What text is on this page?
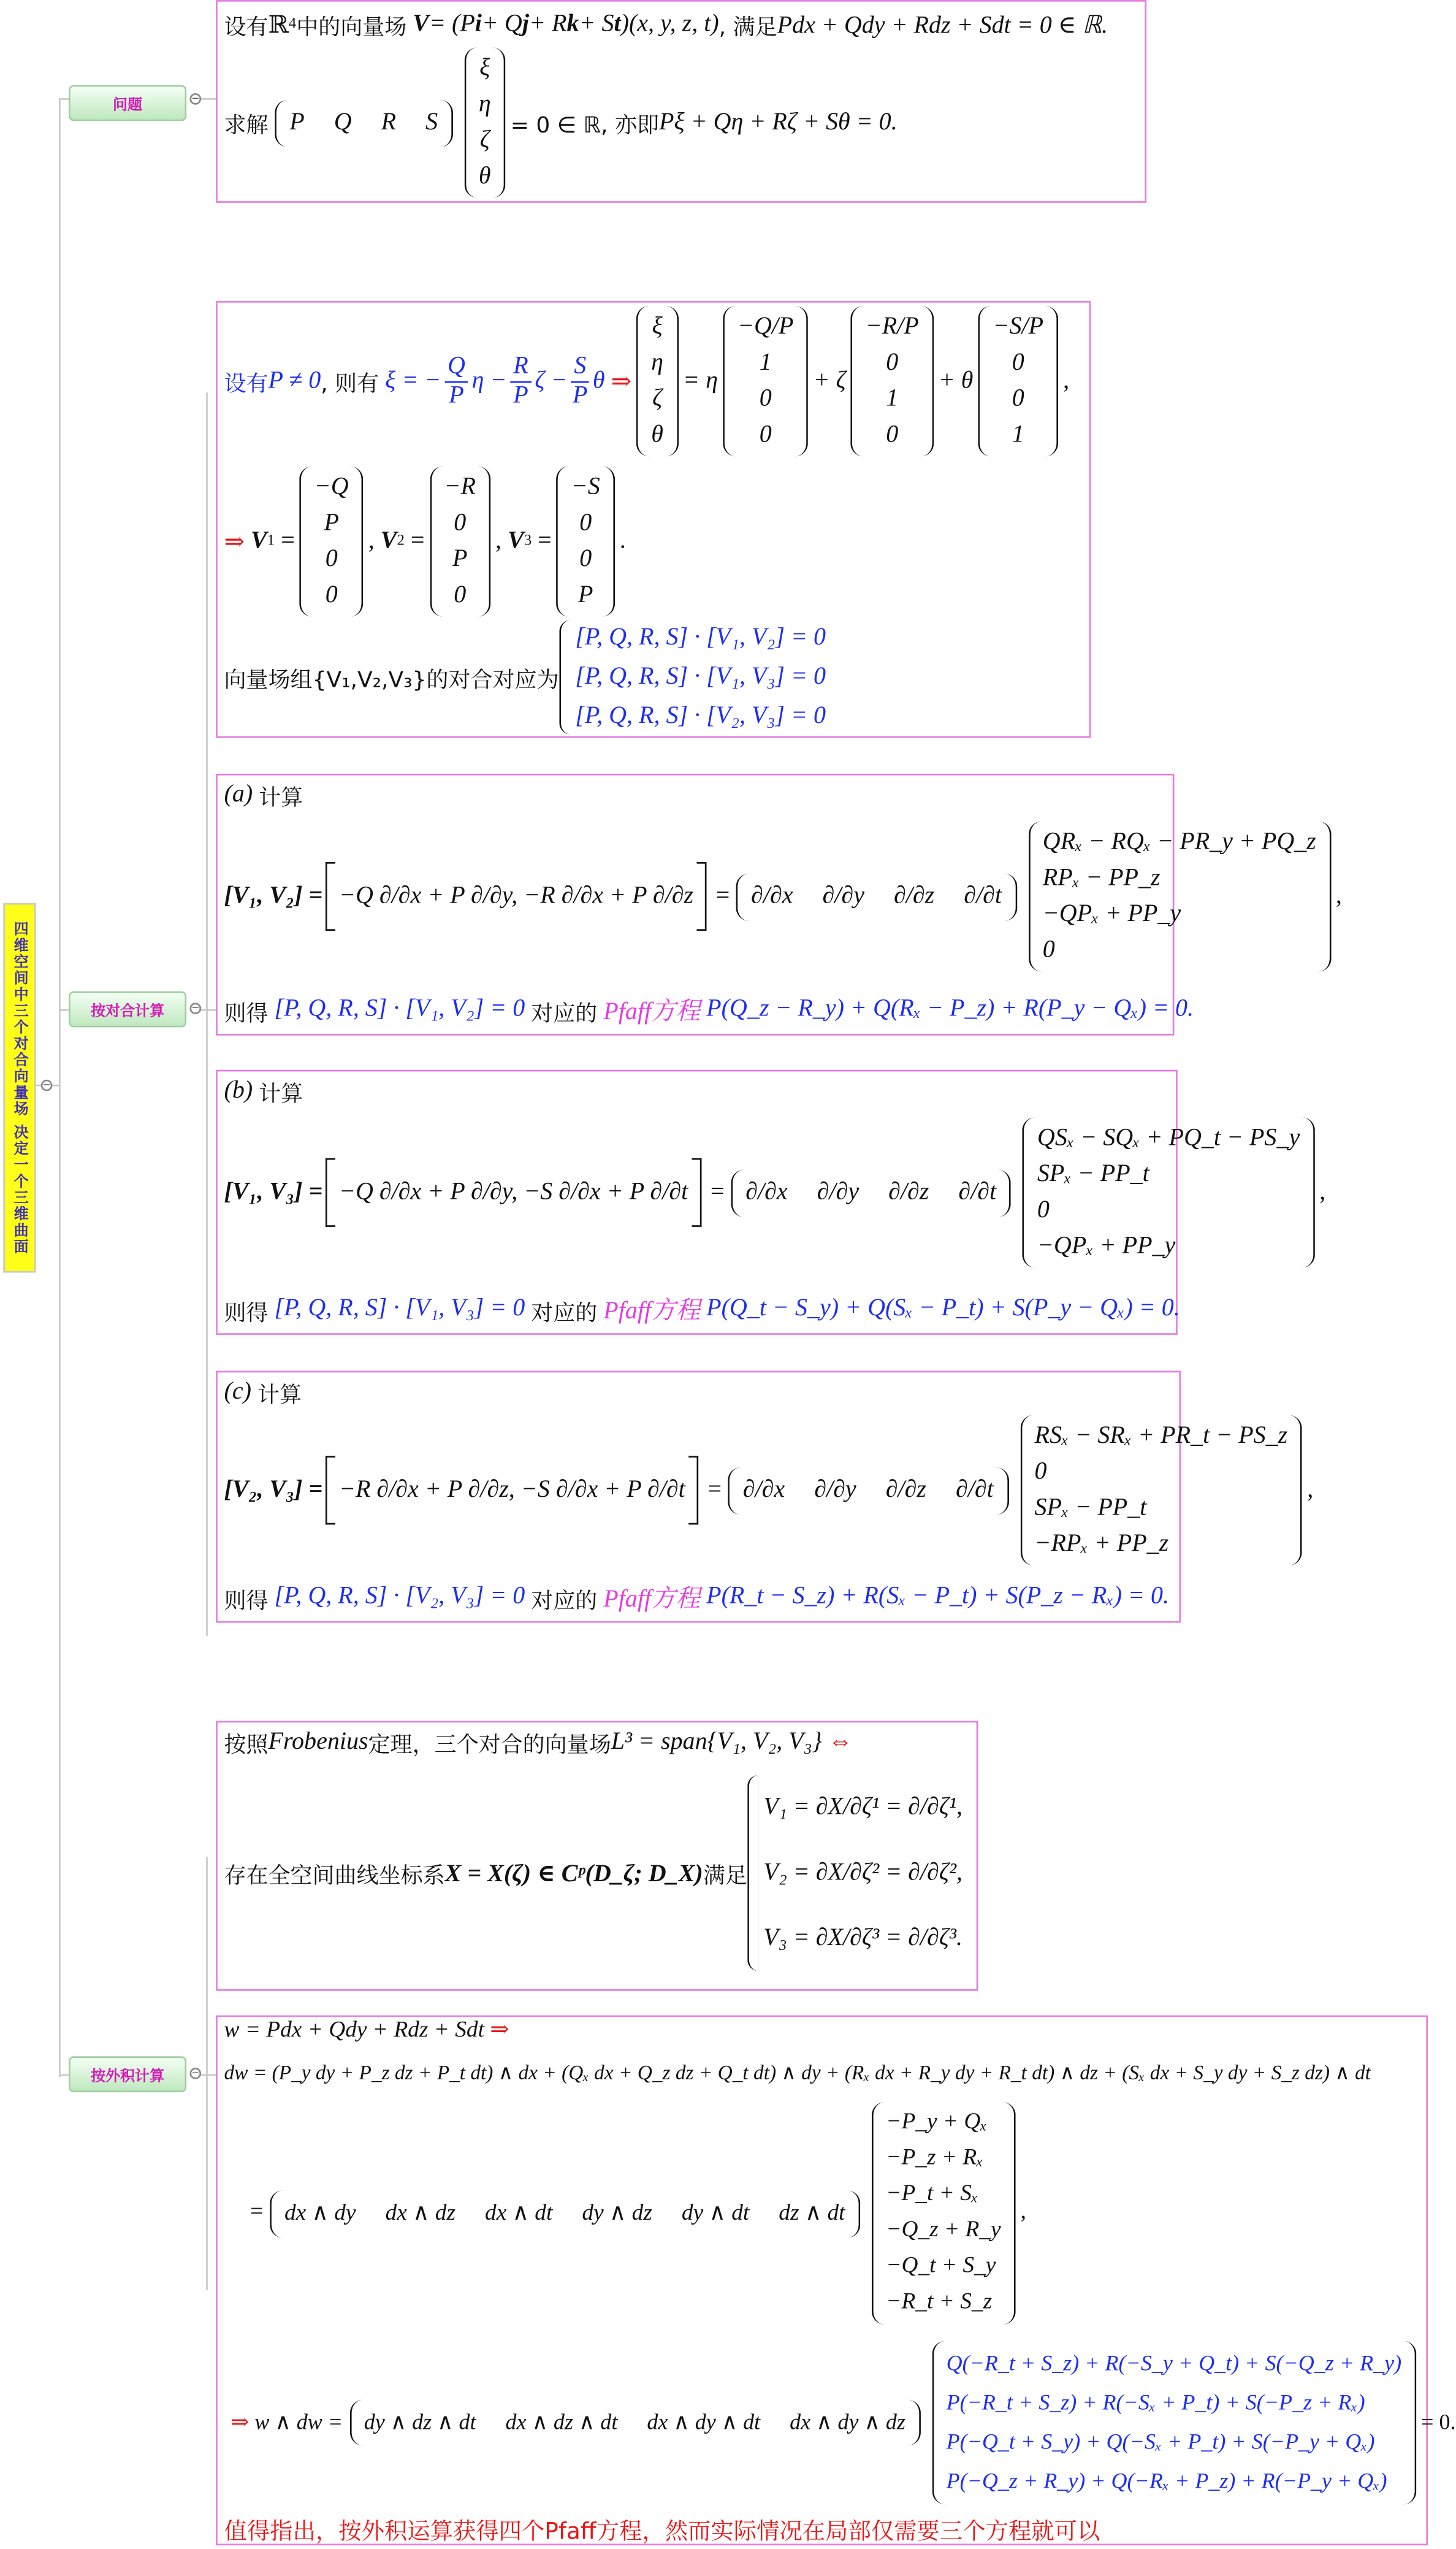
四维空间中三个对合向量场 决定一个三维曲面	−
问题	−
按对合计算	−
按外积计算	−
设有 ℝ 4 中的向量场
V = (P i + Q j + R k + S t )(x, y, z, t) , 满足 Pdx + Qdy + Rdz + Sdt = 0 ∈ ℝ.
求解 P	Q	R	S
ξ
η
ζ
θ
= 0 ∈ ℝ, 亦即 Pξ + Qη + Rζ + Sθ = 0.
设有 P ≠ 0 , 则有
ξ = − $\frac{Q}{P}$ $\eta - \frac{R}{P}$ $\zeta - \frac{S}{P}$ θ
⇒
ξ
η
ζ
θ
= η
−Q/P
1
0
0
+ ζ
−R/P
0
1
0
+ θ
−S/P
0
0
1
,
⇒
V 1 =
−Q
P
0
0
, V 2 =
−R
0
P
0
, V 3 =
−S
0
0
P
.
向量场组{V₁,V₂,V₃}的对合对应为
[P, Q, R, S] · [V₁, V₂] = 0
[P, Q, R, S] · [V₁, V₃] = 0
[P, Q, R, S] · [V₂, V₃] = 0
(a)
计算
[V₁, V₂] = −Q ∂/∂x + P ∂/∂y, −R ∂/∂x + P ∂/∂z = ∂/∂x	∂/∂y	∂/∂z	∂/∂t
QRₓ − RQₓ − PR_y + PQ_z
RPₓ − PP_z
−QPₓ + PP_y
0
,
则得
[P, Q, R, S] · [V₁, V₂] = 0
对应的
Pfaff方程
P(Q_z − R_y) + Q(Rₓ − P_z) + R(P_y − Qₓ) = 0.
(b)
计算
[V₁, V₃] = −Q ∂/∂x + P ∂/∂y, −S ∂/∂x + P ∂/∂t = ∂/∂x	∂/∂y	∂/∂z	∂/∂t
QSₓ − SQₓ + PQ_t − PS_y
SPₓ − PP_t
0
−QPₓ + PP_y
,
则得
[P, Q, R, S] · [V₁, V₃] = 0
对应的
Pfaff方程
P(Q_t − S_y) + Q(Sₓ − P_t) + S(P_y − Qₓ) = 0.
(c)
计算
[V₂, V₃] = −R ∂/∂x + P ∂/∂z, −S ∂/∂x + P ∂/∂t = ∂/∂x	∂/∂y	∂/∂z	∂/∂t
RSₓ − SRₓ + PR_t − PS_z
0
SPₓ − PP_t
−RPₓ + PP_z
,
则得
[P, Q, R, S] · [V₂, V₃] = 0
对应的
Pfaff方程
P(R_t − S_z) + R(Sₓ − P_t) + S(P_z − Rₓ) = 0.
按照 Frobenius 定理，三个对合的向量场 L³ = span{V₁, V₂, V₃}
⇔
存在全空间曲线坐标系 X = X(ζ) ∈ Cᵖ(D_ζ; D_X) 满足
V₁ = ∂X/∂ζ¹ = ∂/∂ζ¹,
V₂ = ∂X/∂ζ² = ∂/∂ζ²,
V₃ = ∂X/∂ζ³ = ∂/∂ζ³.
w = Pdx + Qdy + Rdz + Sdt
⇒
dw = (P_y dy + P_z dz + P_t dt) ∧ dx + (Qₓ dx + Q_z dz + Q_t dt) ∧ dy + (Rₓ dx + R_y dy + R_t dt) ∧ dz + (Sₓ dx + S_y dy + S_z dz) ∧ dt
= dx ∧ dy	dx ∧ dz	dx ∧ dt	dy ∧ dz	dy ∧ dt	dz ∧ dt
−P_y + Qₓ
−P_z + Rₓ
−P_t + Sₓ
−Q_z + R_y
−Q_t + S_y
−R_t + S_z
,
⇒
w ∧ dw =	dy ∧ dz ∧ dt	dx ∧ dz ∧ dt	dx ∧ dy ∧ dt	dx ∧ dy ∧ dz
Q(−R_t + S_z) + R(−S_y + Q_t) + S(−Q_z + R_y)
P(−R_t + S_z) + R(−Sₓ + P_t) + S(−P_z + Rₓ)
P(−Q_t + S_y) + Q(−Sₓ + P_t) + S(−P_y + Qₓ)
P(−Q_z + R_y) + Q(−Rₓ + P_z) + R(−P_y + Qₓ)
= 0.
值得指出，按外积运算获得四个Pfaff方程，然而实际情况在局部仅需要三个方程就可以
